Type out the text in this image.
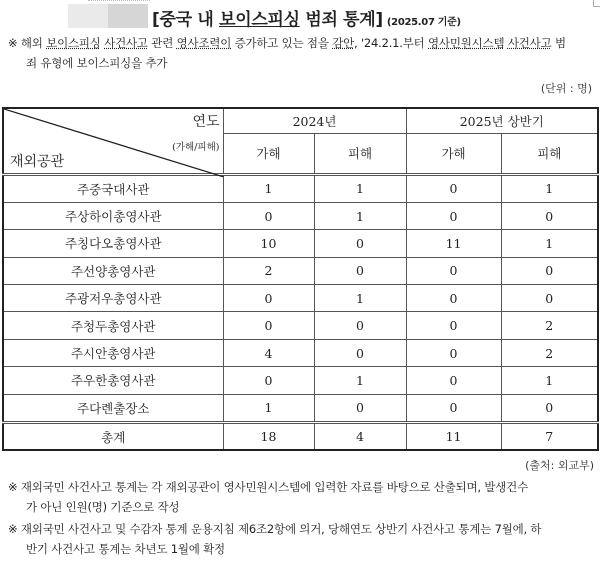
[중국 내 보이스피싱 범죄 통계] (2025.07 기준)
※ 해외 보이스피싱 사건사고 관련 영사조력이 증가하고 있는 점을 감안, '24.2.1.부터 영사민원시스템 사건사고 범
죄 유형에 보이스피싱을 추가
(단위 : 명)
연도
(가해/피해)
재외공관	2024년		2025년 상반기	
	가해	피해	가해	피해
주중국대사관	1	1	0	1
주상하이총영사관	0	1	0	0
주칭다오총영사관	10	0	11	1
주선양총영사관	2	0	0	0
주광저우총영사관	0	1	0	0
주청두총영사관	0	0	0	2
주시안총영사관	4	0	0	2
주우한총영사관	0	1	0	1
주다롄출장소	1	0	0	0
총계	18	4	11	7
(출처: 외교부)
※ 재외국민 사건사고 통계는 각 재외공관이 영사민원시스템에 입력한 자료를 바탕으로 산출되며, 발생건수
가 아닌 인원(명) 기준으로 작성
※ 재외국민 사건사고 및 수감자 통계 운용지침 제6조2항에 의거, 당해연도 상반기 사건사고 통계는 7월에, 하
반기 사건사고 통계는 차년도 1월에 확정
